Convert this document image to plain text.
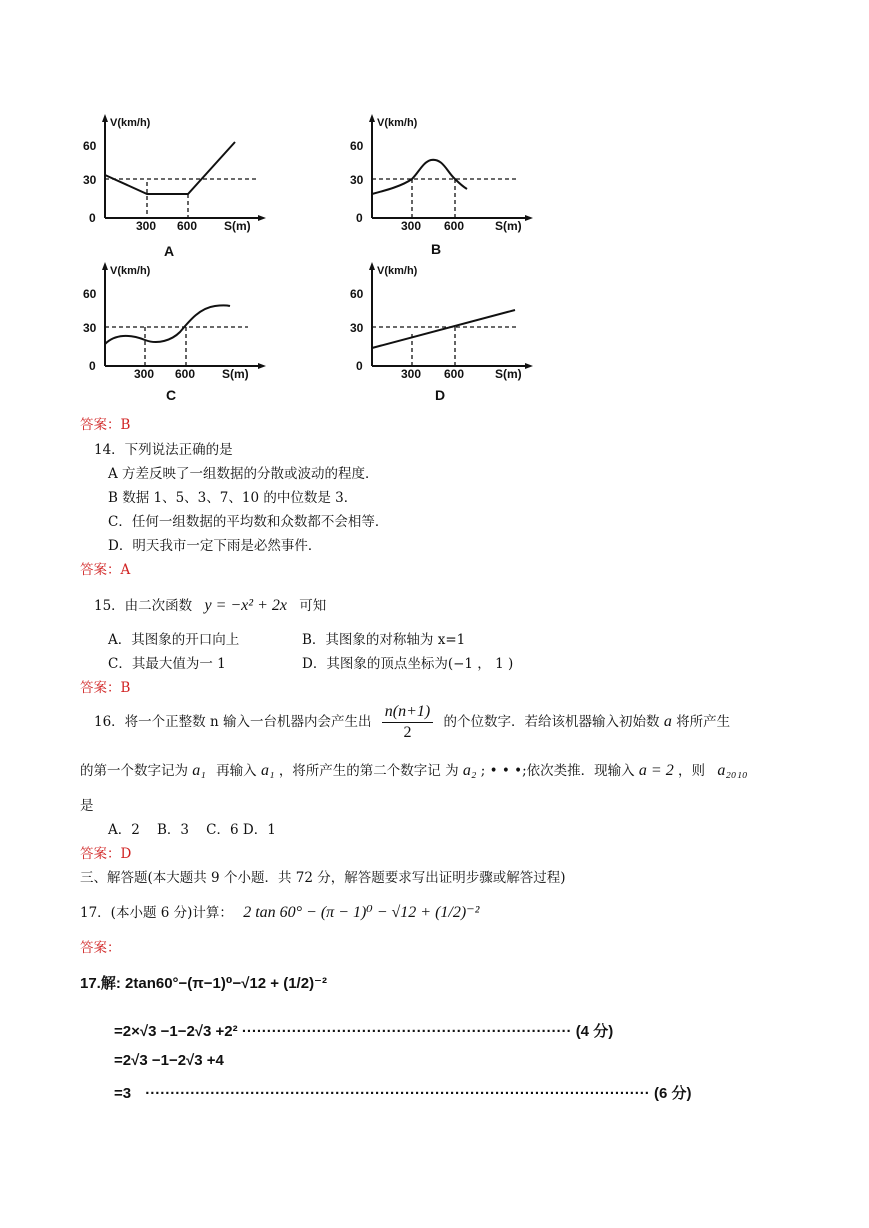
V(km/h)
60
30
0
300 600 S(m)
A
V(km/h)
60
30
0
300 600	S(m)
B
V(km/h)
60
30
0
300 600 S(m)
C
V(km/h)
60
30
0
300 600	S(m)
D
答案：B
14．下列说法正确的是
A 方差反映了一组数据的分散或波动的程度．
B 数据 1、5、3、7、10 的中位数是 3．
C．任何一组数据的平均数和众数都不会相等．
D．明天我市一定下雨是必然事件．
答案：A
15．由二次函数 y = −x² + 2x 可知
A．其图象的开口向上	B．其图象的对称轴为 x=1
C．其最大值为一 1	D．其图象的顶点坐标为(−1 ， 1 )
答案：B
16．将一个正整数 n 输入一台机器内会产生出 $\frac{n(n+1)}{2}$ 的个位数字．若给该机器输入初始数 a 将所产生
的第一个数字记为 a₁ 再输入 a₁ ，将所产生的第二个数字记 为 a₂ ; • • •;依次类推．现输入 a = 2 ，则 a₂₀₁₀
是
A．2    B．3    C．6 D．1
答案：D
三、解答题(本大题共 9 个小题．共 72 分，解答题要求写出证明步骤或解答过程)
17．(本小题 6 分)计算： 2 tan 60° − (π − 1)⁰ − √12 + (1/2)⁻²
答案：
17.解: 2tan60°−(π−1)⁰−√12 + (1/2)⁻²
=2×√3 −1−2√3 +2² ·································································· (4 分)
=2√3 −1−2√3 +4
=3 ····································································································· (6 分)
